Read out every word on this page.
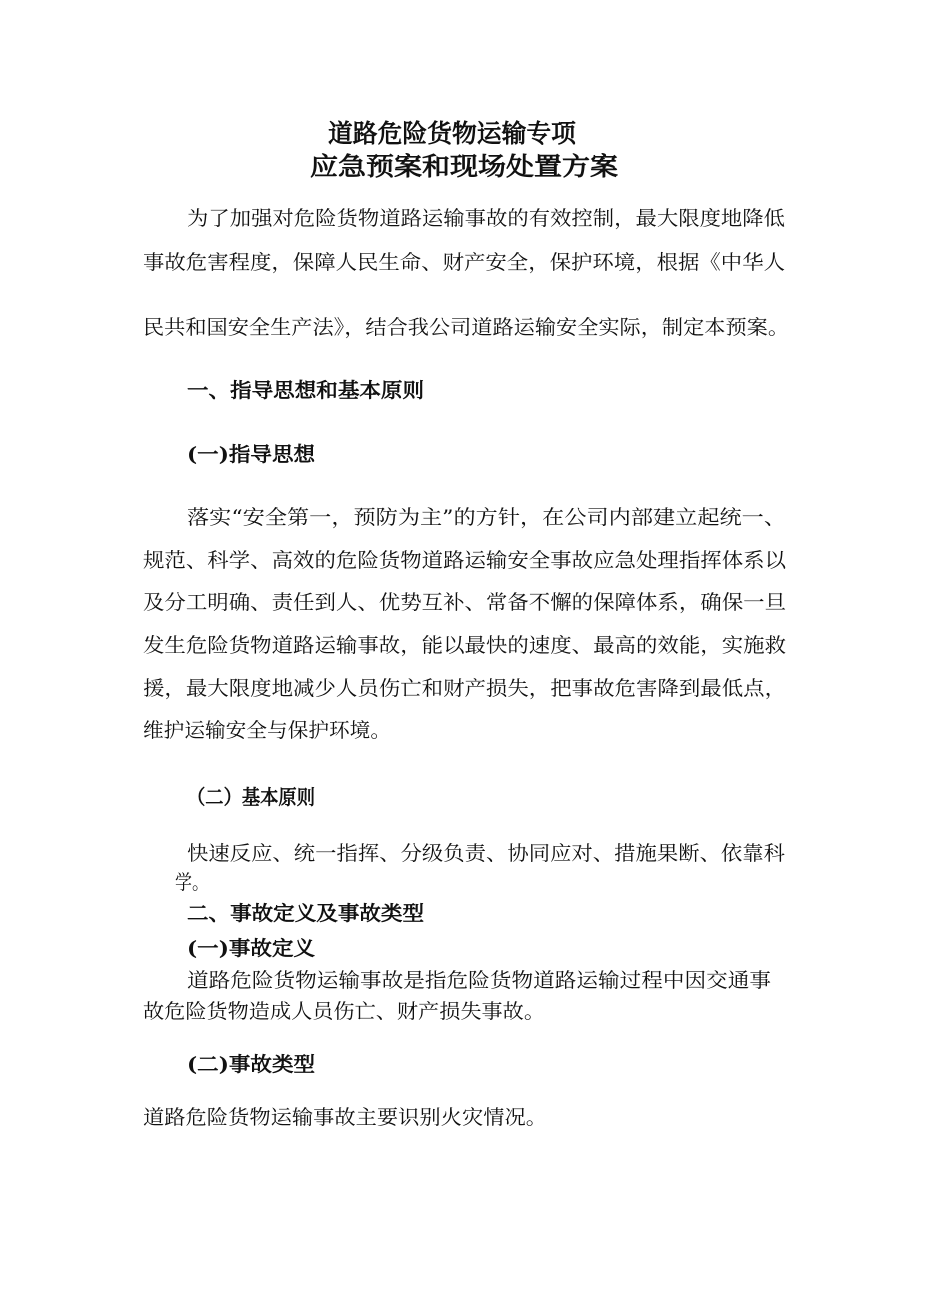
道路危险货物运输专项
应急预案和现场处置方案

为了加强对危险货物道路运输事故的有效控制，最大限度地降低

事故危害程度，保障人民生命、财产安全，保护环境，根据《中华人

民共和国安全生产法》，结合我公司道路运输安全实际，制定本预案。

一、指导思想和基本原则
(一)指导思想

落实“安全第一，预防为主”的方针，在公司内部建立起统一、

规范、科学、高效的危险货物道路运输安全事故应急处理指挥体系以

及分工明确、责任到人、优势互补、常备不懈的保障体系，确保一旦

发生危险货物道路运输事故，能以最快的速度、最高的效能，实施救

援，最大限度地减少人员伤亡和财产损失，把事故危害降到最低点，

维护运输安全与保护环境。

（二）基本原则

快速反应、统一指挥、分级负责、协同应对、措施果断、依靠科

学。

二、事故定义及事故类型
(一)事故定义

道路危险货物运输事故是指危险货物道路运输过程中因交通事

故危险货物造成人员伤亡、财产损失事故。

(二)事故类型

道路危险货物运输事故主要识别火灾情况。
